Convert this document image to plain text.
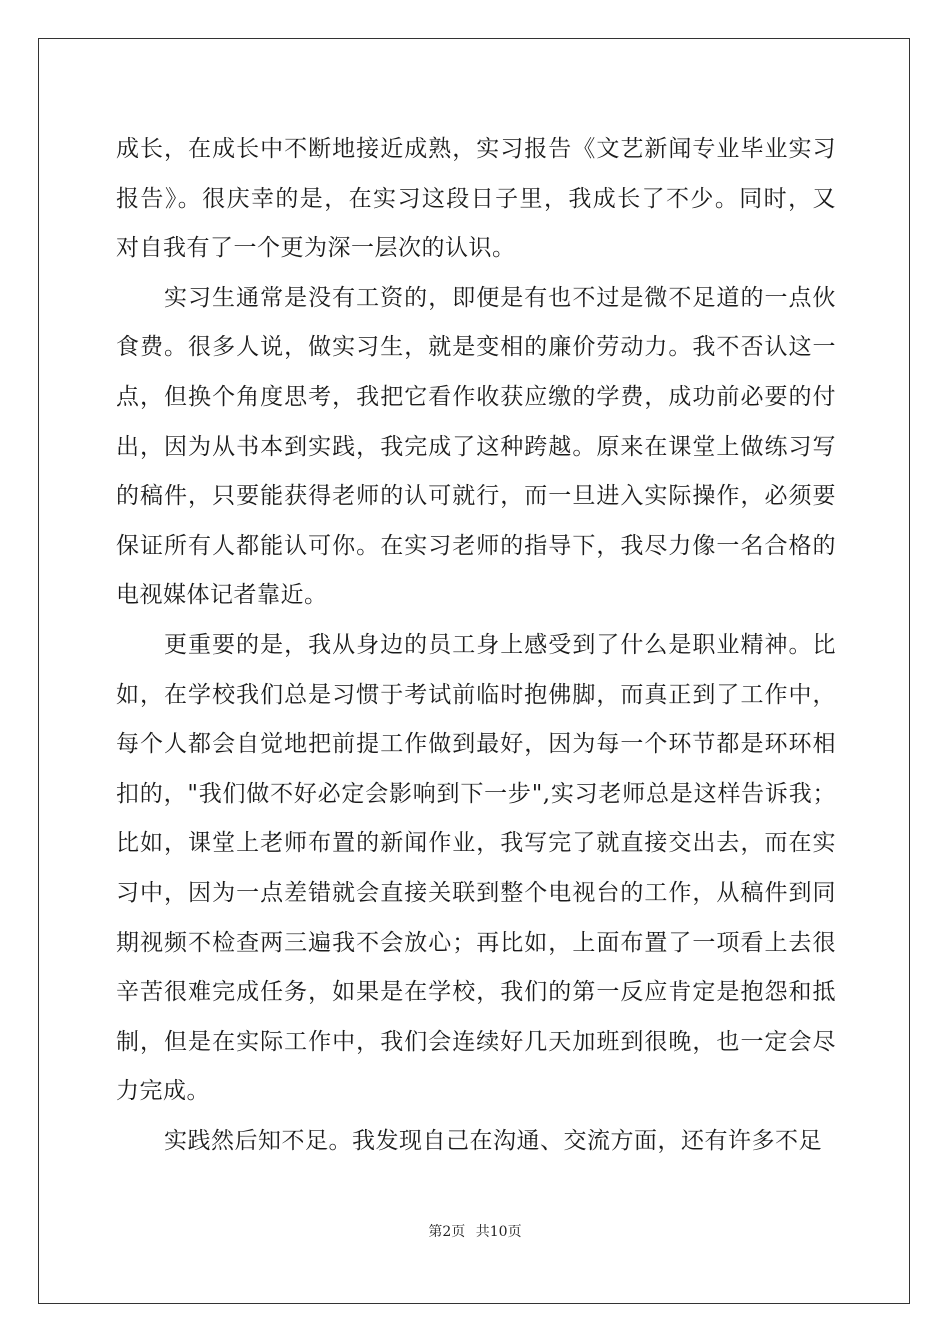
成长，在成长中不断地接近成熟，实习报告《文艺新闻专业毕业实习
报告》。很庆幸的是，在实习这段日子里，我成长了不少。同时，又
对自我有了一个更为深一层次的认识。
实习生通常是没有工资的，即便是有也不过是微不足道的一点伙
食费。很多人说，做实习生，就是变相的廉价劳动力。我不否认这一
点，但换个角度思考，我把它看作收获应缴的学费，成功前必要的付
出，因为从书本到实践，我完成了这种跨越。原来在课堂上做练习写
的稿件，只要能获得老师的认可就行，而一旦进入实际操作，必须要
保证所有人都能认可你。在实习老师的指导下，我尽力像一名合格的
电视媒体记者靠近。
更重要的是，我从身边的员工身上感受到了什么是职业精神。比
如，在学校我们总是习惯于考试前临时抱佛脚，而真正到了工作中，
每个人都会自觉地把前提工作做到最好，因为每一个环节都是环环相
扣的，"我们做不好必定会影响到下一步",实习老师总是这样告诉我；
比如，课堂上老师布置的新闻作业，我写完了就直接交出去，而在实
习中，因为一点差错就会直接关联到整个电视台的工作，从稿件到同
期视频不检查两三遍我不会放心；再比如，上面布置了一项看上去很
辛苦很难完成任务，如果是在学校，我们的第一反应肯定是抱怨和抵
制，但是在实际工作中，我们会连续好几天加班到很晚，也一定会尽
力完成。
实践然后知不足。我发现自己在沟通、交流方面，还有许多不足
第2页 共10页
